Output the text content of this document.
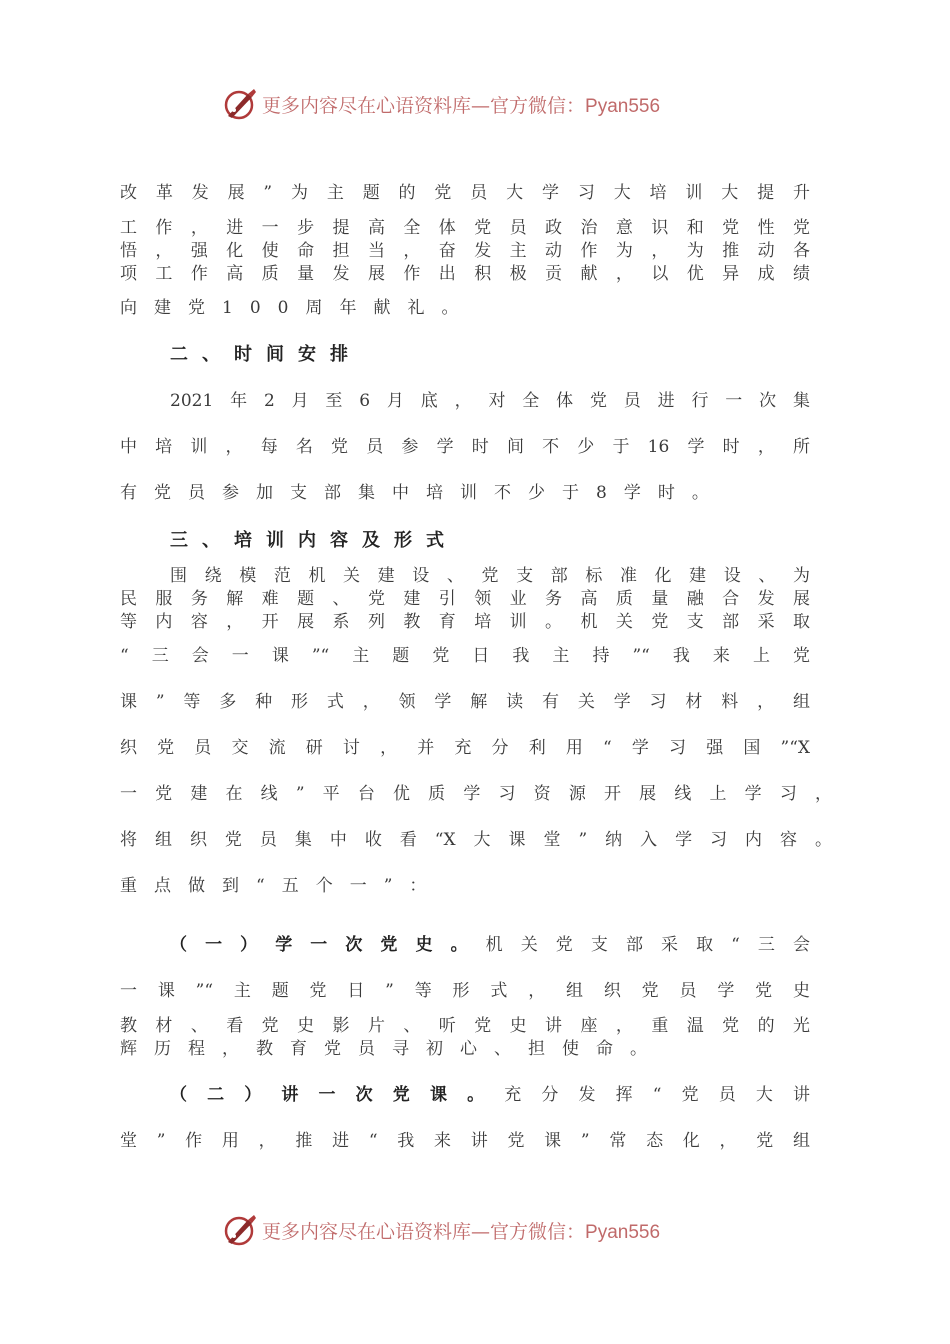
更多内容尽在心语资料库—官方微信：Pyan556
改革发展”为主题的党员大学习大培训大提升
工作，进一步提高全体党员政治意识和党性党
悟，强化使命担当，奋发主动作为，为推动各
项工作高质量发展作出积极贡献，以优异成绩
向建党100周年献礼。
二、时间安排
2021年2月至6月底，对全体党员进行一次集
中培训，每名党员参学时间不少于16学时，所
有党员参加支部集中培训不少于8学时。
三、培训内容及形式
围绕模范机关建设、党支部标准化建设、为
民服务解难题、党建引领业务高质量融合发展
等内容，开展系列教育培训。机关党支部采取
“三会一课”“主题党日我主持”“我来上党
课”等多种形式，领学解读有关学习材料，组
织党员交流研讨，并充分利用“学习强国”“X
一党建在线”平台优质学习资源开展线上学习，
将组织党员集中收看“X大课堂”纳入学习内容。
重点做到“五个一”：
（一）学一次党史。机关党支部采取“三会
一课”“主题党日”等形式，组织党员学党史
教材、看党史影片、听党史讲座，重温党的光
辉历程，教育党员寻初心、担使命。
（二）讲一次党课。充分发挥“党员大讲
堂”作用，推进“我来讲党课”常态化，党组
更多内容尽在心语资料库—官方微信：Pyan556
